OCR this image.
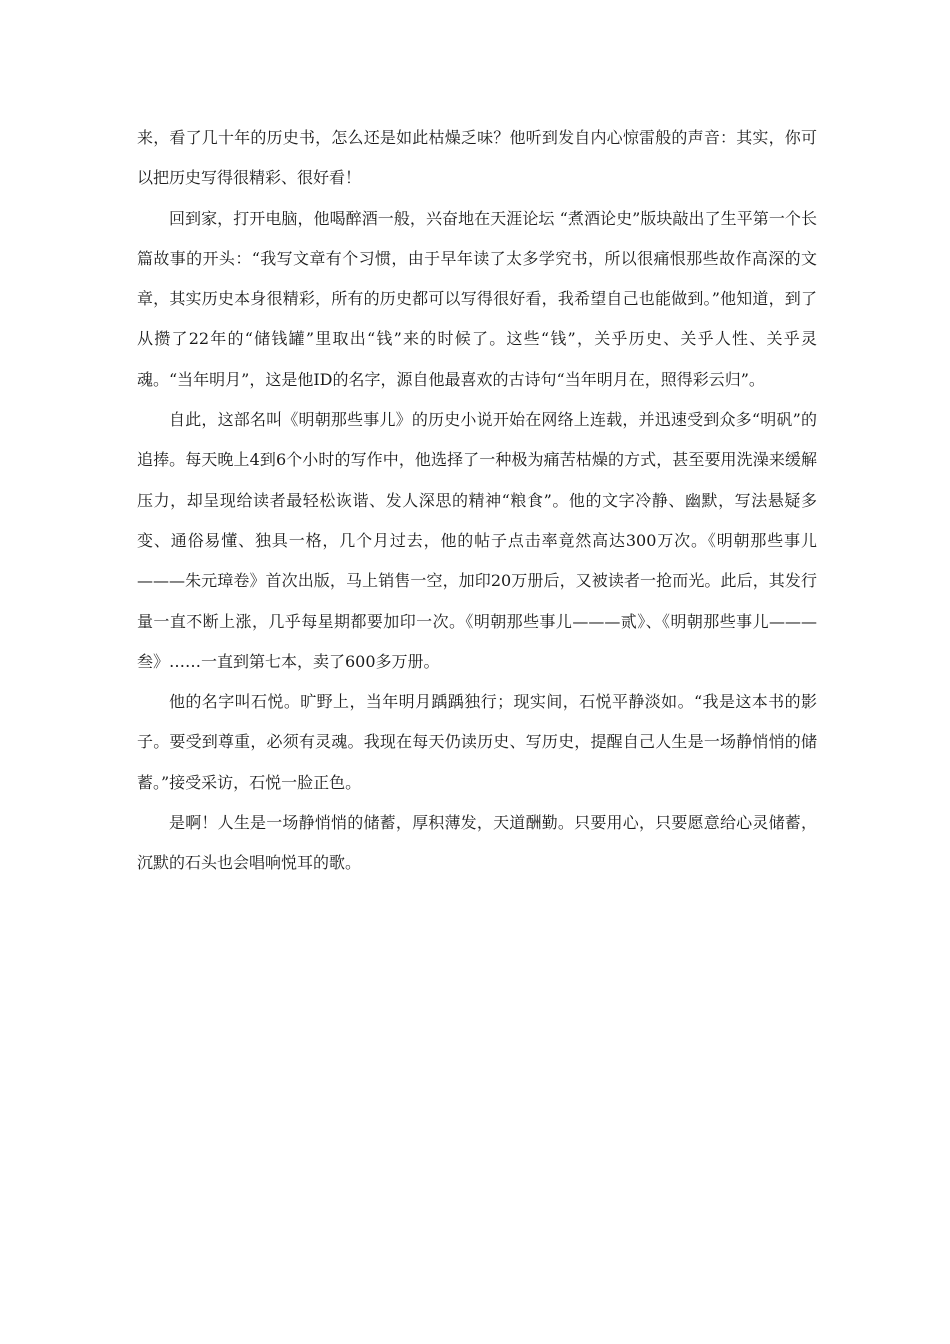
来，看了几十年的历史书，怎么还是如此枯燥乏味？他听到发自内心惊雷般的声音：其实，你可以把历史写得很精彩、很好看！

回到家，打开电脑，他喝醉酒一般，兴奋地在天涯论坛 “煮酒论史”版块敲出了生平第一个长篇故事的开头：“我写文章有个习惯，由于早年读了太多学究书，所以很痛恨那些故作高深的文章，其实历史本身很精彩，所有的历史都可以写得很好看，我希望自己也能做到。”他知道，到了从攒了22年的“储钱罐”里取出“钱”来的时候了。这些“钱”，关乎历史、关乎人性、关乎灵魂。“当年明月”，这是他ID的名字，源自他最喜欢的古诗句“当年明月在，照得彩云归”。

自此，这部名叫《明朝那些事儿》的历史小说开始在网络上连载，并迅速受到众多“明矾”的追捧。每天晚上4到6个小时的写作中，他选择了一种极为痛苦枯燥的方式，甚至要用洗澡来缓解压力，却呈现给读者最轻松诙谐、发人深思的精神“粮食”。他的文字冷静、幽默，写法悬疑多变、通俗易懂、独具一格，几个月过去，他的帖子点击率竟然高达300万次。《明朝那些事儿———朱元璋卷》首次出版，马上销售一空，加印20万册后，又被读者一抢而光。此后，其发行量一直不断上涨，几乎每星期都要加印一次。《明朝那些事儿———贰》、《明朝那些事儿———叁》……一直到第七本，卖了600多万册。

他的名字叫石悦。旷野上，当年明月踽踽独行；现实间，石悦平静淡如。“我是这本书的影子。要受到尊重，必须有灵魂。我现在每天仍读历史、写历史，提醒自己人生是一场静悄悄的储蓄。”接受采访，石悦一脸正色。

是啊！人生是一场静悄悄的储蓄，厚积薄发，天道酬勤。只要用心，只要愿意给心灵储蓄，沉默的石头也会唱响悦耳的歌。
